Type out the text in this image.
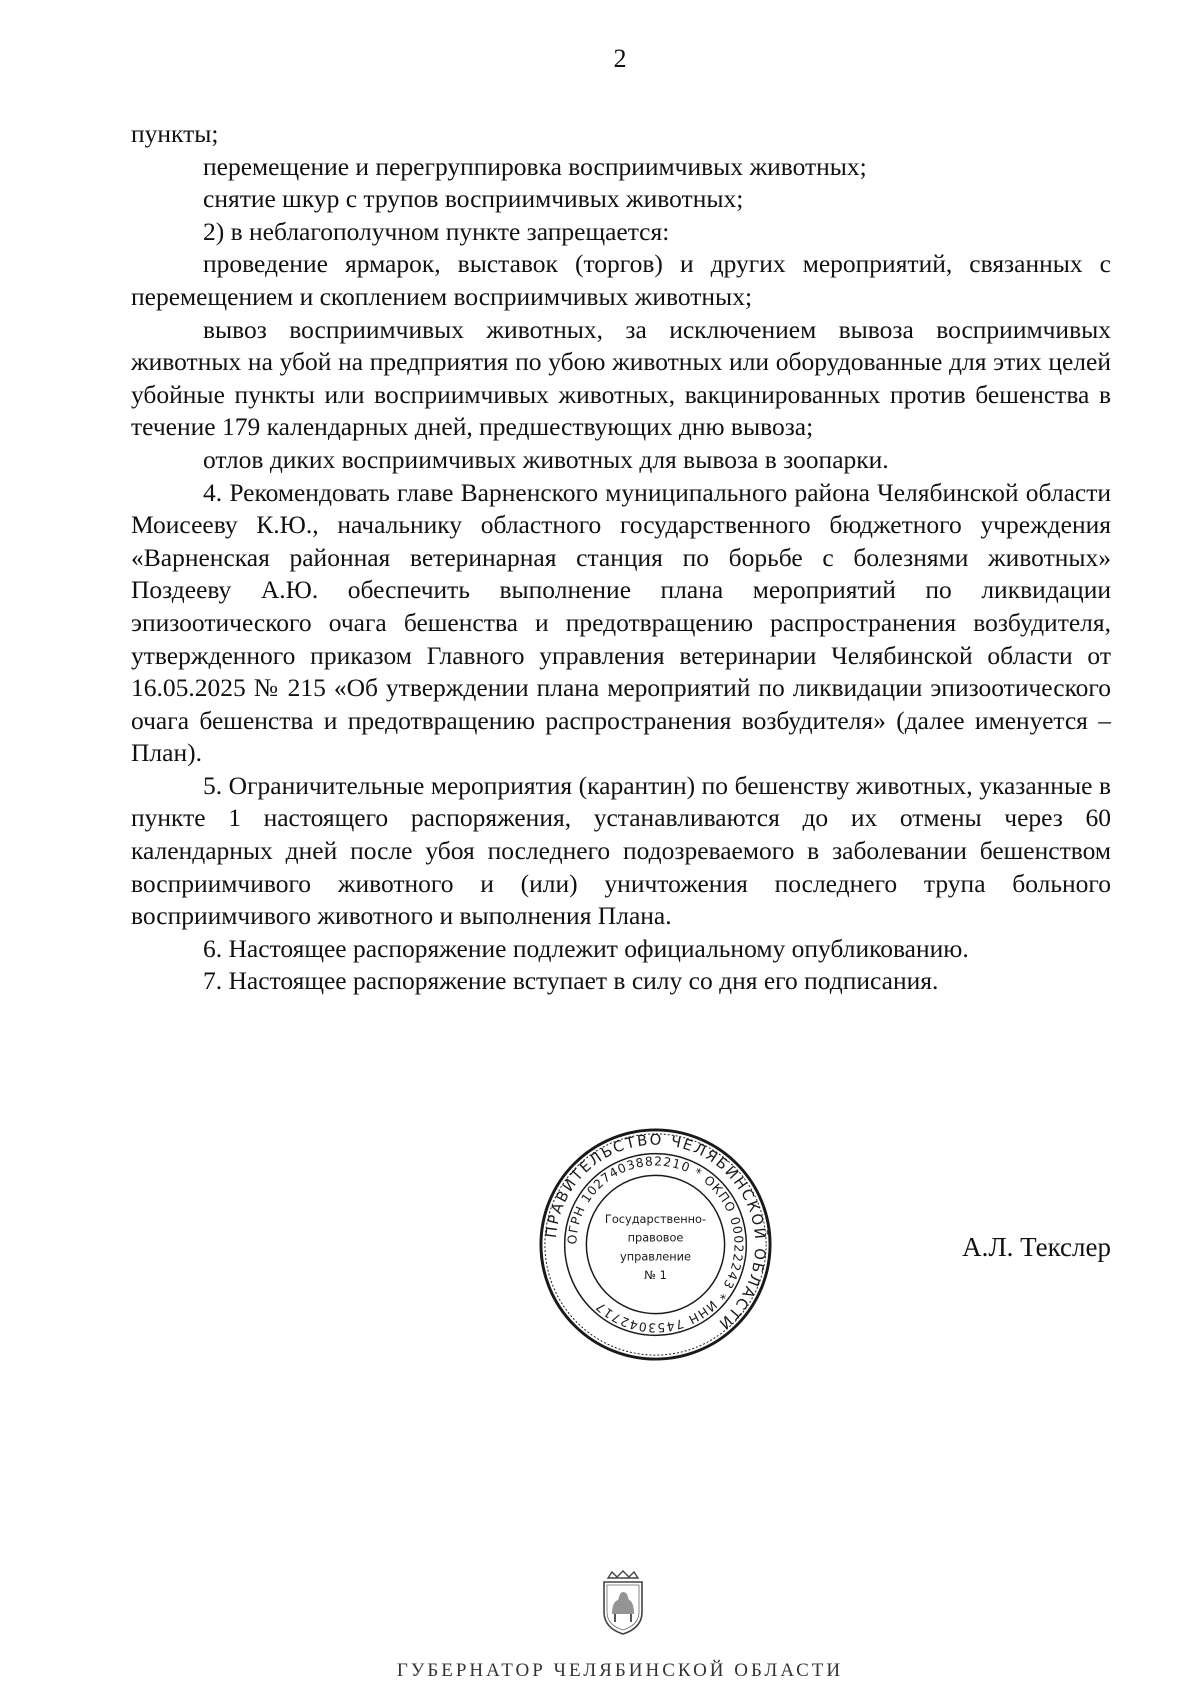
2

пункты;

перемещение и перегруппировка восприимчивых животных;

снятие шкур с трупов восприимчивых животных;

2) в неблагополучном пункте запрещается:

проведение ярмарок, выставок (торгов) и других мероприятий, связанных с перемещением и скоплением восприимчивых животных;

вывоз восприимчивых животных, за исключением вывоза восприимчивых животных на убой на предприятия по убою животных или оборудованные для этих целей убойные пункты или восприимчивых животных, вакцинированных против бешенства в течение 179 календарных дней, предшествующих дню вывоза;

отлов диких восприимчивых животных для вывоза в зоопарки.

4. Рекомендовать главе Варненского муниципального района Челябинской области Моисееву К.Ю., начальнику областного государственного бюджетного учреждения «Варненская районная ветеринарная станция по борьбе с болезнями животных» Поздееву А.Ю. обеспечить выполнение плана мероприятий по ликвидации эпизоотического очага бешенства и предотвращению распространения возбудителя, утвержденного приказом Главного управления ветеринарии Челябинской области от 16.05.2025 № 215 «Об утверждении плана мероприятий по ликвидации эпизоотического очага бешенства и предотвращению распространения возбудителя» (далее именуется – План).

5. Ограничительные мероприятия (карантин) по бешенству животных, указанные в пункте 1 настоящего распоряжения, устанавливаются до их отмены через 60 календарных дней после убоя последнего подозреваемого в заболевании бешенством восприимчивого животного и (или) уничтожения последнего трупа больного восприимчивого животного и выполнения Плана.

6. Настоящее распоряжение подлежит официальному опубликованию.

7. Настоящее распоряжение вступает в силу со дня его подписания.

ПРАВИТЕЛЬСТВО ЧЕЛЯБИНСКОЙ ОБЛАСТИ
ОГРН 1027403882210 * ОКПО 00022243 * ИНН 7453042717
Государственно-
правовое
управление
№ 1
А.Л. Текслер
ГУБЕРНАТОР ЧЕЛЯБИНСКОЙ ОБЛАСТИ
